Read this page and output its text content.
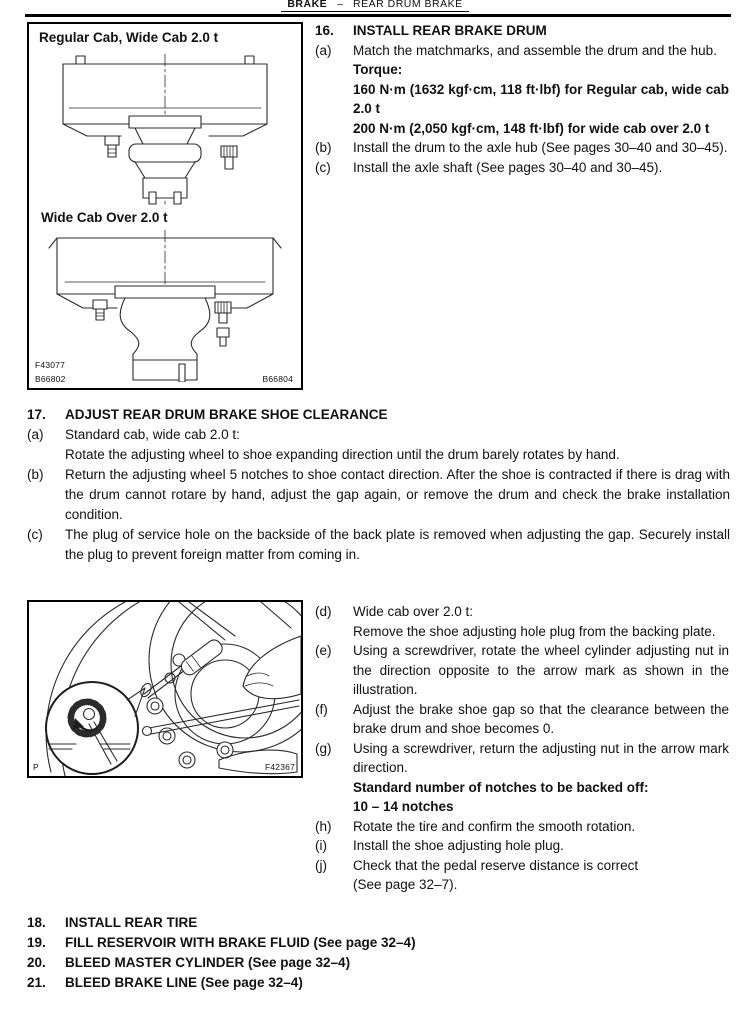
BRAKE – REAR DRUM BRAKE
Regular Cab, Wide Cab 2.0 t
Wide Cab Over 2.0 t
F43077
B66802	B66804
16.	INSTALL REAR BRAKE DRUM
(a)	Match the matchmarks, and assemble the drum and the hub.
Torque:
160 N·m (1632 kgf·cm, 118 ft·lbf) for Regular cab, wide cab 2.0 t
200 N·m (2,050 kgf·cm, 148 ft·lbf) for wide cab over 2.0 t
(b)	Install the drum to the axle hub (See pages 30–40 and 30–45).
(c)	Install the axle shaft (See pages 30–40 and 30–45).
17.	ADJUST REAR DRUM BRAKE SHOE CLEARANCE
(a)	Standard cab, wide cab 2.0 t:
Rotate the adjusting wheel to shoe expanding direction until the drum barely rotates by hand.
(b)	Return the adjusting wheel 5 notches to shoe contact direction. After the shoe is contracted if there is drag with the drum cannot rotare by hand, adjust the gap again, or remove the drum and check the brake installation condition.
(c)	The plug of service hole on the backside of the back plate is removed when adjusting the gap. Securely install the plug to prevent foreign matter from coming in.
P	F42367
(d)	Wide cab over 2.0 t:
Remove the shoe adjusting hole plug from the backing plate.
(e)	Using a screwdriver, rotate the wheel cylinder adjusting nut in the direction opposite to the arrow mark as shown in the illustration.
(f)	Adjust the brake shoe gap so that the clearance between the brake drum and shoe becomes 0.
(g)	Using a screwdriver, return the adjusting nut in the arrow mark direction.
Standard number of notches to be backed off:
10 – 14 notches
(h)	Rotate the tire and confirm the smooth rotation.
(i)	Install the shoe adjusting hole plug.
(j)	Check that the pedal reserve distance is correct
(See page 32–7).
18.	INSTALL REAR TIRE
19.	FILL RESERVOIR WITH BRAKE FLUID (See page 32–4)
20.	BLEED MASTER CYLINDER (See page 32–4)
21.	BLEED BRAKE LINE (See page 32–4)
